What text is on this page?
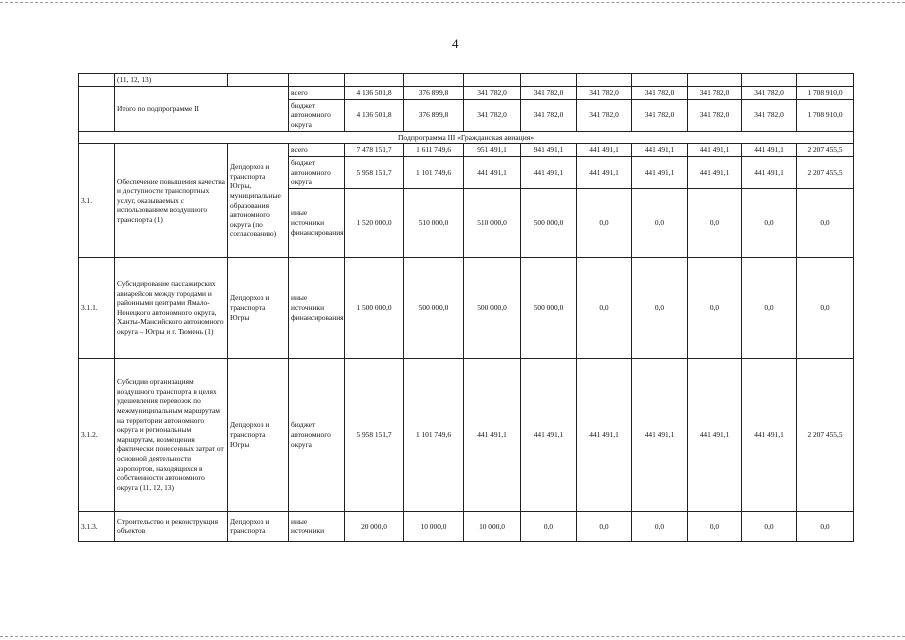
4
	(11, 12, 13)											
	Итого по подпрограмме II		всего	4 136 501,8	376 899,8	341 782,0	341 782,0	341 782,0	341 782,0	341 782,0	341 782,0	1 708 910,0
			бюджет автономного округа	4 136 501,8	376 899,8	341 782,0	341 782,0	341 782,0	341 782,0	341 782,0	341 782,0	1 708 910,0
Подпрограмма III «Гражданская авиация»												
3.1.	Обеспечение повышения качества и доступности транспортных услуг, оказываемых с использованием воздушного транспорта (1)	Депдорхоз и транспорта Югры, муниципальные образования автономного округа (по согласованию)	всего	7 478 151,7	1 611 749,6	951 491,1	941 491,1	441 491,1	441 491,1	441 491,1	441 491,1	2 207 455,5
			бюджет автономного округа	5 958 151,7	1 101 749,6	441 491,1	441 491,1	441 491,1	441 491,1	441 491,1	441 491,1	2 207 455,5
			иные источники финансирования	1 520 000,0	510 000,0	510 000,0	500 000,0	0,0	0,0	0,0	0,0	0,0
3.1.1.	Субсидирование пассажирских авиарейсов между городами и районными центрами Ямало-Ненецкого автономного округа, Ханты-Мансийского автономного округа – Югры и г. Тюмень (1)	Депдорхоз и транспорта Югры	иные источники финансирования	1 500 000,0	500 000,0	500 000,0	500 000,0	0,0	0,0	0,0	0,0	0,0
3.1.2.	Субсидии организациям воздушного транспорта в целях удешевления перевозок по межмуниципальным маршрутам на территории автономного округа и региональным маршрутам, возмещения фактически понесенных затрат от основной деятельности аэропортов, находящихся в собственности автономного округа (11, 12, 13)	Депдорхоз и транспорта Югры	бюджет автономного округа	5 958 151,7	1 101 749,6	441 491,1	441 491,1	441 491,1	441 491,1	441 491,1	441 491,1	2 207 455,5
3.1.3.	Строительство и реконструкция объектов	Депдорхоз и транспорта	иные источники	20 000,0	10 000,0	10 000,0	0,0	0,0	0,0	0,0	0,0	0,0
